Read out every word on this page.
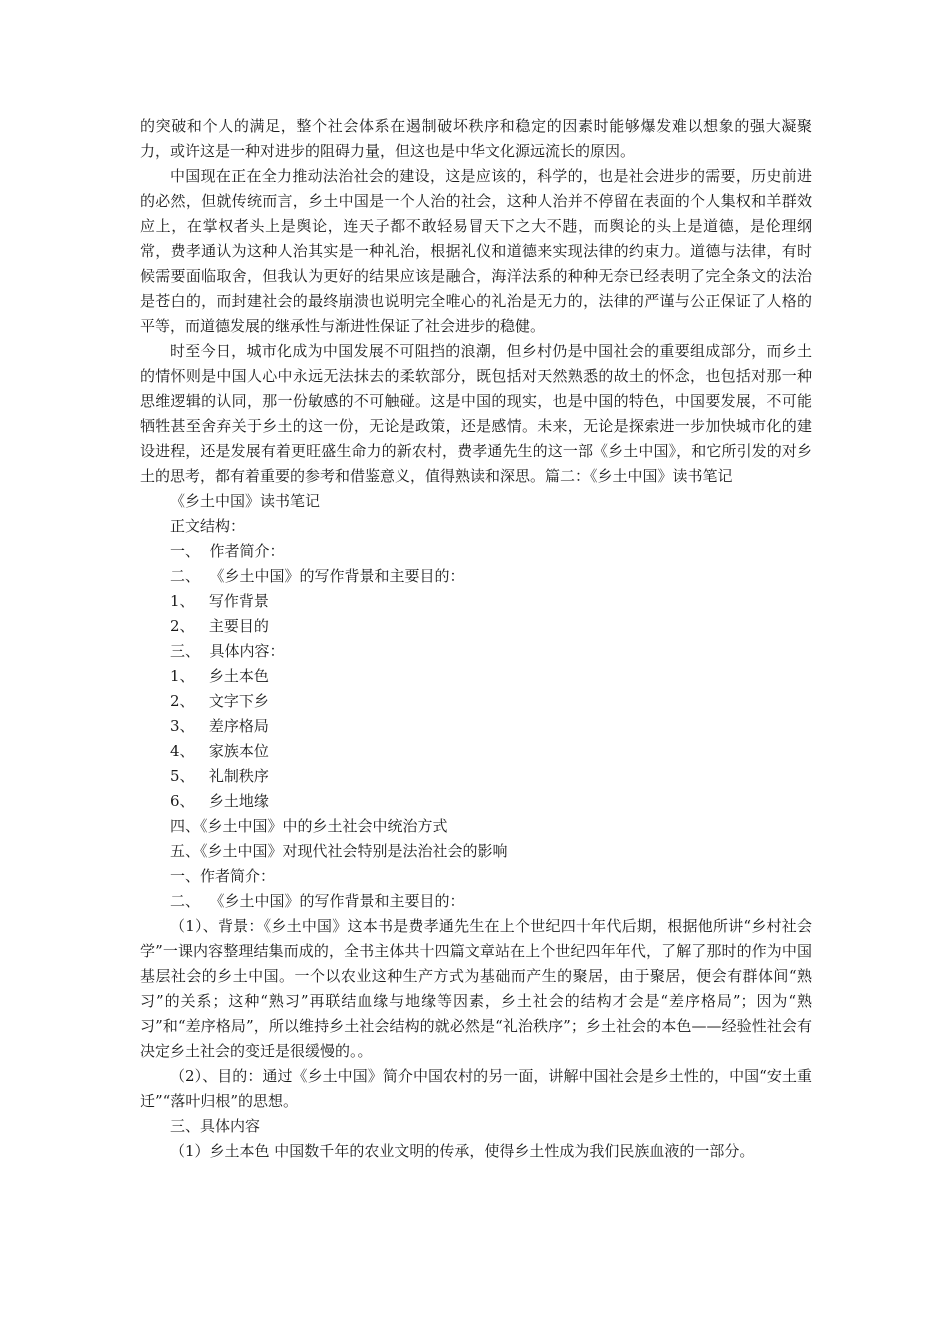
的突破和个人的满足，整个社会体系在遏制破坏秩序和稳定的因素时能够爆发难以想象的强大凝聚力，或许这是一种对进步的阻碍力量，但这也是中华文化源远流长的原因。

中国现在正在全力推动法治社会的建设，这是应该的，科学的，也是社会进步的需要，历史前进的必然，但就传统而言，乡土中国是一个人治的社会，这种人治并不停留在表面的个人集权和羊群效应上，在掌权者头上是舆论，连天子都不敢轻易冒天下之大不韪，而舆论的头上是道德，是伦理纲常，费孝通认为这种人治其实是一种礼治，根据礼仪和道德来实现法律的约束力。道德与法律，有时候需要面临取舍，但我认为更好的结果应该是融合，海洋法系的种种无奈已经表明了完全条文的法治是苍白的，而封建社会的最终崩溃也说明完全唯心的礼治是无力的，法律的严谨与公正保证了人格的平等，而道德发展的继承性与渐进性保证了社会进步的稳健。

时至今日，城市化成为中国发展不可阻挡的浪潮，但乡村仍是中国社会的重要组成部分，而乡土的情怀则是中国人心中永远无法抹去的柔软部分，既包括对天然熟悉的故土的怀念，也包括对那一种思维逻辑的认同，那一份敏感的不可触碰。这是中国的现实，也是中国的特色，中国要发展，不可能牺牲甚至舍弃关于乡土的这一份，无论是政策，还是感情。未来，无论是探索进一步加快城市化的建设进程，还是发展有着更旺盛生命力的新农村，费孝通先生的这一部《乡土中国》，和它所引发的对乡土的思考，都有着重要的参考和借鉴意义，值得熟读和深思。篇二：《乡土中国》读书笔记

《乡土中国》读书笔记

正文结构：

一、  作者简介：

二、  《乡土中国》的写作背景和主要目的：

1、   写作背景

2、   主要目的

三、  具体内容：

1、   乡土本色

2、   文字下乡

3、   差序格局

4、   家族本位

5、   礼制秩序

6、   乡土地缘

四、《乡土中国》中的乡土社会中统治方式

五、《乡土中国》对现代社会特别是法治社会的影响

一、作者简介：

二、  《乡土中国》的写作背景和主要目的：

（1）、背景：《乡土中国》这本书是费孝通先生在上个世纪四十年代后期，根据他所讲“乡村社会学”一课内容整理结集而成的，全书主体共十四篇文章站在上个世纪四年年代，了解了那时的作为中国基层社会的乡土中国。一个以农业这种生产方式为基础而产生的聚居，由于聚居，便会有群体间“熟习”的关系；这种“熟习”再联结血缘与地缘等因素，乡土社会的结构才会是“差序格局”；因为“熟习”和“差序格局”，所以维持乡土社会结构的就必然是“礼治秩序”；乡土社会的本色——经验性社会有决定乡土社会的变迁是很缓慢的。。

（2）、目的：通过《乡土中国》简介中国农村的另一面，讲解中国社会是乡土性的，中国“安土重迁”“落叶归根”的思想。

三、具体内容

（1）乡土本色 中国数千年的农业文明的传承，使得乡土性成为我们民族血液的一部分。
